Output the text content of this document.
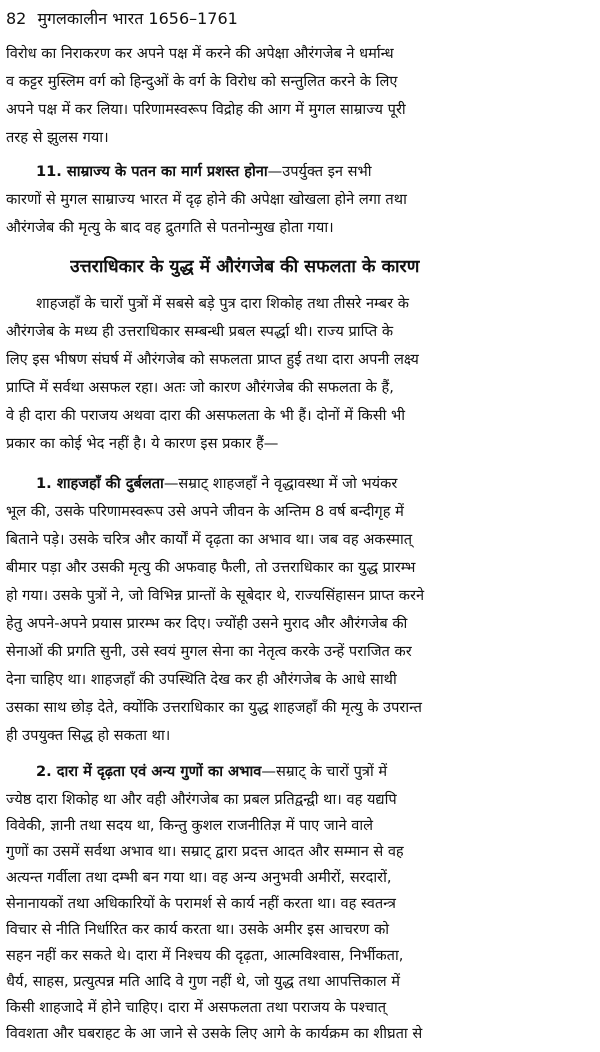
82 मुगलकालीन भारत 1656–1761
विरोध का निराकरण कर अपने पक्ष में करने की अपेक्षा औरंगजेब ने धर्मान्ध
व कट्टर मुस्लिम वर्ग को हिन्दुओं के वर्ग के विरोध को सन्तुलित करने के लिए
अपने पक्ष में कर लिया। परिणामस्वरूप विद्रोह की आग में मुगल साम्राज्य पूरी
तरह से झुलस गया।
11. साम्राज्य के पतन का मार्ग प्रशस्त होना—उपर्युक्त इन सभी
कारणों से मुगल साम्राज्य भारत में दृढ़ होने की अपेक्षा खोखला होने लगा तथा
औरंगजेब की मृत्यु के बाद वह द्रुतगति से पतनोन्मुख होता गया।
उत्तराधिकार के युद्ध में औरंगजेब की सफलता के कारण
शाहजहाँ के चारों पुत्रों में सबसे बड़े पुत्र दारा शिकोह तथा तीसरे नम्बर के
औरंगजेब के मध्य ही उत्तराधिकार सम्बन्धी प्रबल स्पर्द्धा थी। राज्य प्राप्ति के
लिए इस भीषण संघर्ष में औरंगजेब को सफलता प्राप्त हुई तथा दारा अपनी लक्ष्य
प्राप्ति में सर्वथा असफल रहा। अतः जो कारण औरंगजेब की सफलता के हैं,
वे ही दारा की पराजय अथवा दारा की असफलता के भी हैं। दोनों में किसी भी
प्रकार का कोई भेद नहीं है। ये कारण इस प्रकार हैं—
1. शाहजहाँ की दुर्बलता—सम्राट् शाहजहाँ ने वृद्धावस्था में जो भयंकर
भूल की, उसके परिणामस्वरूप उसे अपने जीवन के अन्तिम 8 वर्ष बन्दीगृह में
बिताने पड़े। उसके चरित्र और कार्यों में दृढ़ता का अभाव था। जब वह अकस्मात्
बीमार पड़ा और उसकी मृत्यु की अफवाह फैली, तो उत्तराधिकार का युद्ध प्रारम्भ
हो गया। उसके पुत्रों ने, जो विभिन्न प्रान्तों के सूबेदार थे, राज्यसिंहासन प्राप्त करने
हेतु अपने-अपने प्रयास प्रारम्भ कर दिए। ज्योंही उसने मुराद और औरंगजेब की
सेनाओं की प्रगति सुनी, उसे स्वयं मुगल सेना का नेतृत्व करके उन्हें पराजित कर
देना चाहिए था। शाहजहाँ की उपस्थिति देख कर ही औरंगजेब के आधे साथी
उसका साथ छोड़ देते, क्योंकि उत्तराधिकार का युद्ध शाहजहाँ की मृत्यु के उपरान्त
ही उपयुक्त सिद्ध हो सकता था।
2. दारा में दृढ़ता एवं अन्य गुणों का अभाव—सम्राट् के चारों पुत्रों में
ज्येष्ठ दारा शिकोह था और वही औरंगजेब का प्रबल प्रतिद्वन्द्वी था। वह यद्यपि
विवेकी, ज्ञानी तथा सदय था, किन्तु कुशल राजनीतिज्ञ में पाए जाने वाले
गुणों का उसमें सर्वथा अभाव था। सम्राट् द्वारा प्रदत्त आदत और सम्मान से वह
अत्यन्त गर्वीला तथा दम्भी बन गया था। वह अन्य अनुभवी अमीरों, सरदारों,
सेनानायकों तथा अधिकारियों के परामर्श से कार्य नहीं करता था। वह स्वतन्त्र
विचार से नीति निर्धारित कर कार्य करता था। उसके अमीर इस आचरण को
सहन नहीं कर सकते थे। दारा में निश्चय की दृढ़ता, आत्मविश्वास, निर्भीकता,
धैर्य, साहस, प्रत्युत्पन्न मति आदि वे गुण नहीं थे, जो युद्ध तथा आपत्तिकाल में
किसी शाहजादे में होने चाहिए। दारा में असफलता तथा पराजय के पश्चात्
विवशता और घबराहट के आ जाने से उसके लिए आगे के कार्यक्रम का शीघ्रता से
